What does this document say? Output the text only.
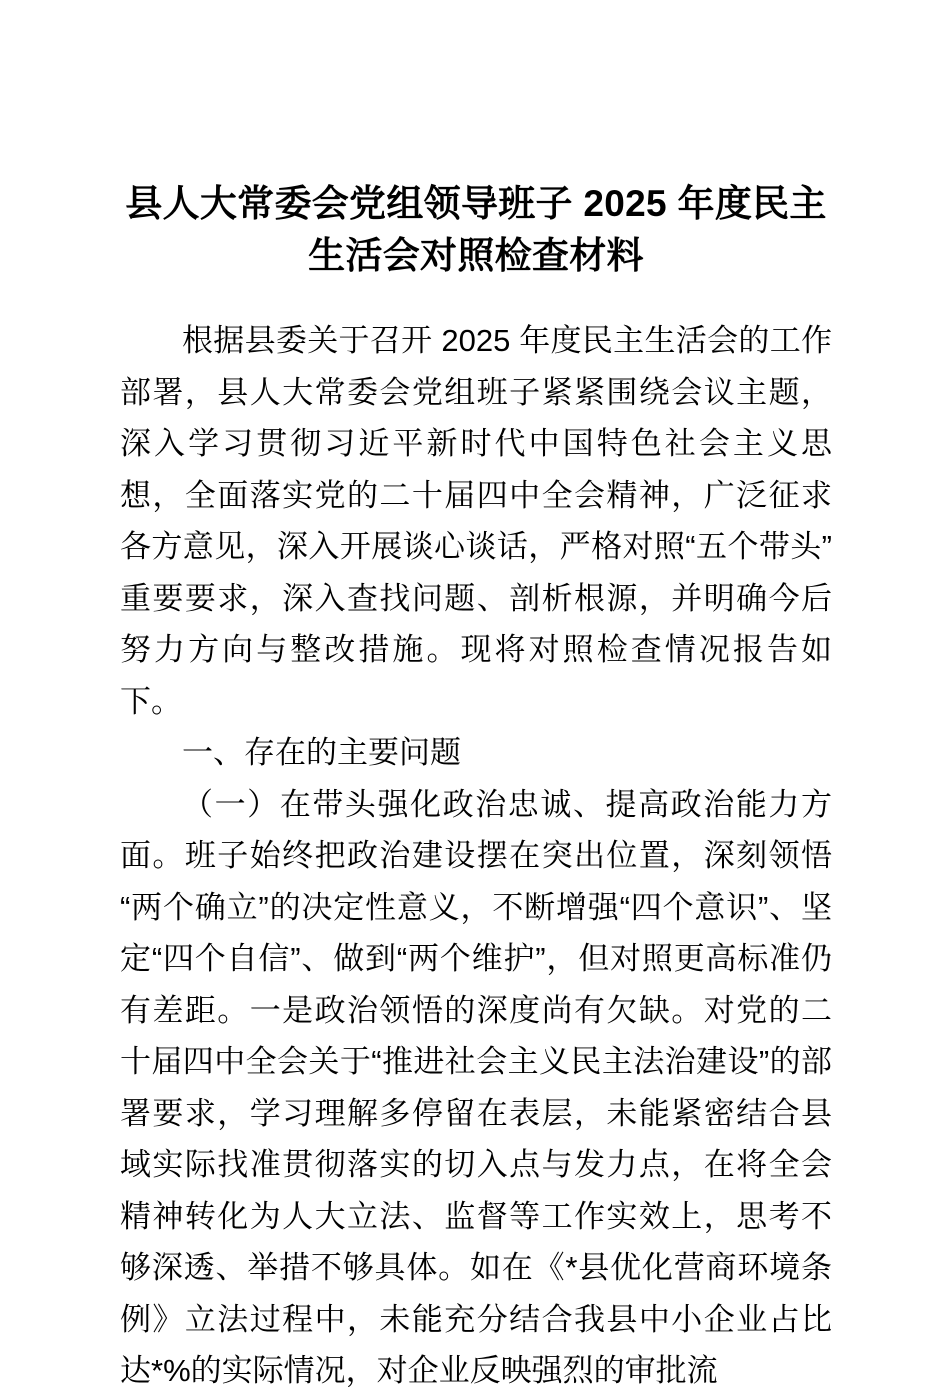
县人大常委会党组领导班子 2025 年度民主生活会对照检查材料

根据县委关于召开 2025 年度民主生活会的工作部署，县人大常委会党组班子紧紧围绕会议主题，深入学习贯彻习近平新时代中国特色社会主义思想，全面落实党的二十届四中全会精神，广泛征求各方意见，深入开展谈心谈话，严格对照“五个带头”重要要求，深入查找问题、剖析根源，并明确今后努力方向与整改措施。现将对照检查情况报告如下。

一、存在的主要问题

（一）在带头强化政治忠诚、提高政治能力方面。班子始终把政治建设摆在突出位置，深刻领悟“两个确立”的决定性意义，不断增强“四个意识”、坚定“四个自信”、做到“两个维护”，但对照更高标准仍有差距。一是政治领悟的深度尚有欠缺。对党的二十届四中全会关于“推进社会主义民主法治建设”的部署要求，学习理解多停留在表层，未能紧密结合县域实际找准贯彻落实的切入点与发力点，在将全会精神转化为人大立法、监督等工作实效上，思考不够深透、举措不够具体。如在《*县优化营商环境条例》立法过程中，未能充分结合我县中小企业占比达*%的实际情况，对企业反映强烈的审批流
